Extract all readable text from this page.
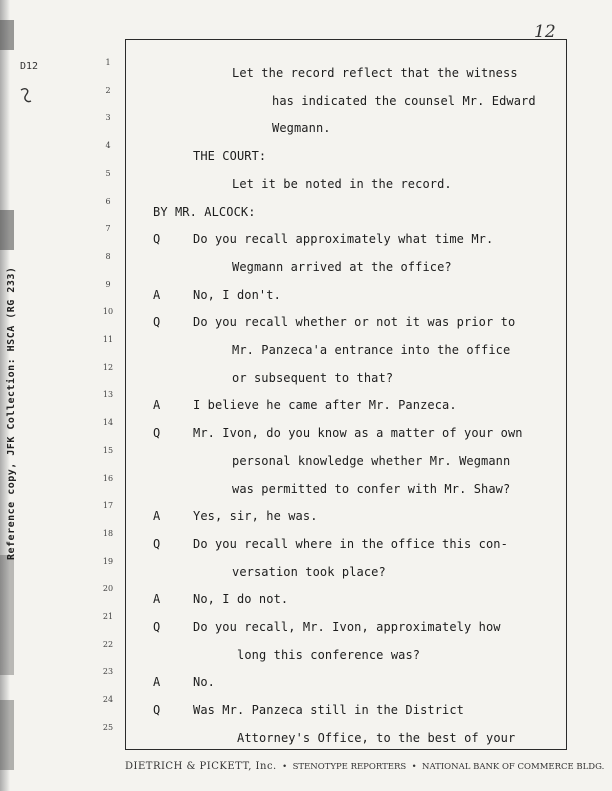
D12
Reference copy, JFK Collection: HSCA (RG 233)
12
1
Let the record reflect that the witness
2
has indicated the counsel Mr. Edward
3
Wegmann.
4
THE COURT:
5
Let it be noted in the record.
6
BY MR. ALCOCK:
7
Q	Do you recall approximately what time Mr.
8
Wegmann arrived at the office?
9
A	No, I don't.
10
Q	Do you recall whether or not it was prior to
11
Mr. Panzeca'a entrance into the office
12
or subsequent to that?
13
A	I believe he came after Mr. Panzeca.
14
Q	Mr. Ivon, do you know as a matter of your own
15
personal knowledge whether Mr. Wegmann
16
was permitted to confer with Mr. Shaw?
17
A	Yes, sir, he was.
18
Q	Do you recall where in the office this con-
19
versation took place?
20
A	No, I do not.
21
Q	Do you recall, Mr. Ivon, approximately how
22
long this conference was?
23
A	No.
24
Q	Was Mr. Panzeca still in the District
25
Attorney's Office, to the best of your
DIETRICH & PICKETT, Inc. • STENOTYPE REPORTERS • NATIONAL BANK OF COMMERCE BLDG.
